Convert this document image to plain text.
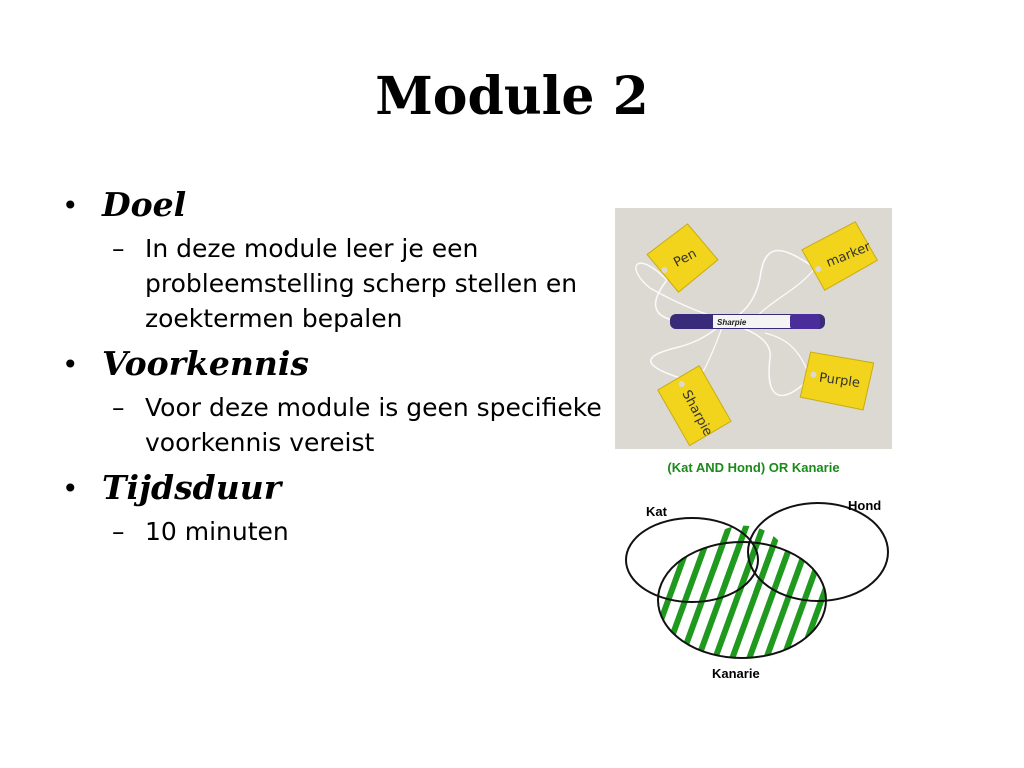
Module 2
• Doel
– In deze module leer je een probleemstelling scherp stellen en zoektermen bepalen
• Voorkennis
– Voor deze module is geen specifieke voorkennis vereist
• Tijdsduur
– 10 minuten
Sharpie
Pen	marker
Sharpie
Purple
(Kat AND Hond) OR Kanarie
Kat	Hond
Kanarie
